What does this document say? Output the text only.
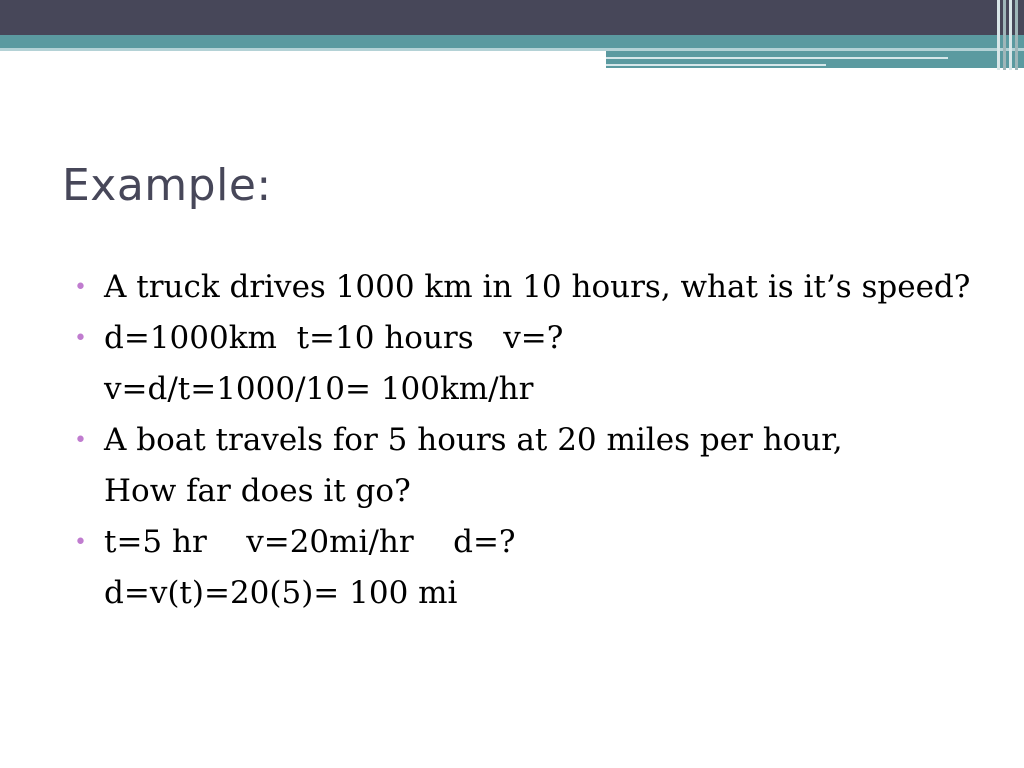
Example:
•
A truck drives 1000 km in 10 hours, what is it’s speed?
•
d=1000km  t=10 hours   v=?
v=d/t=1000/10= 100km/hr
•
A boat travels for 5 hours at 20 miles per hour,
How far does it go?
•
t=5 hr    v=20mi/hr    d=?
d=v(t)=20(5)= 100 mi
